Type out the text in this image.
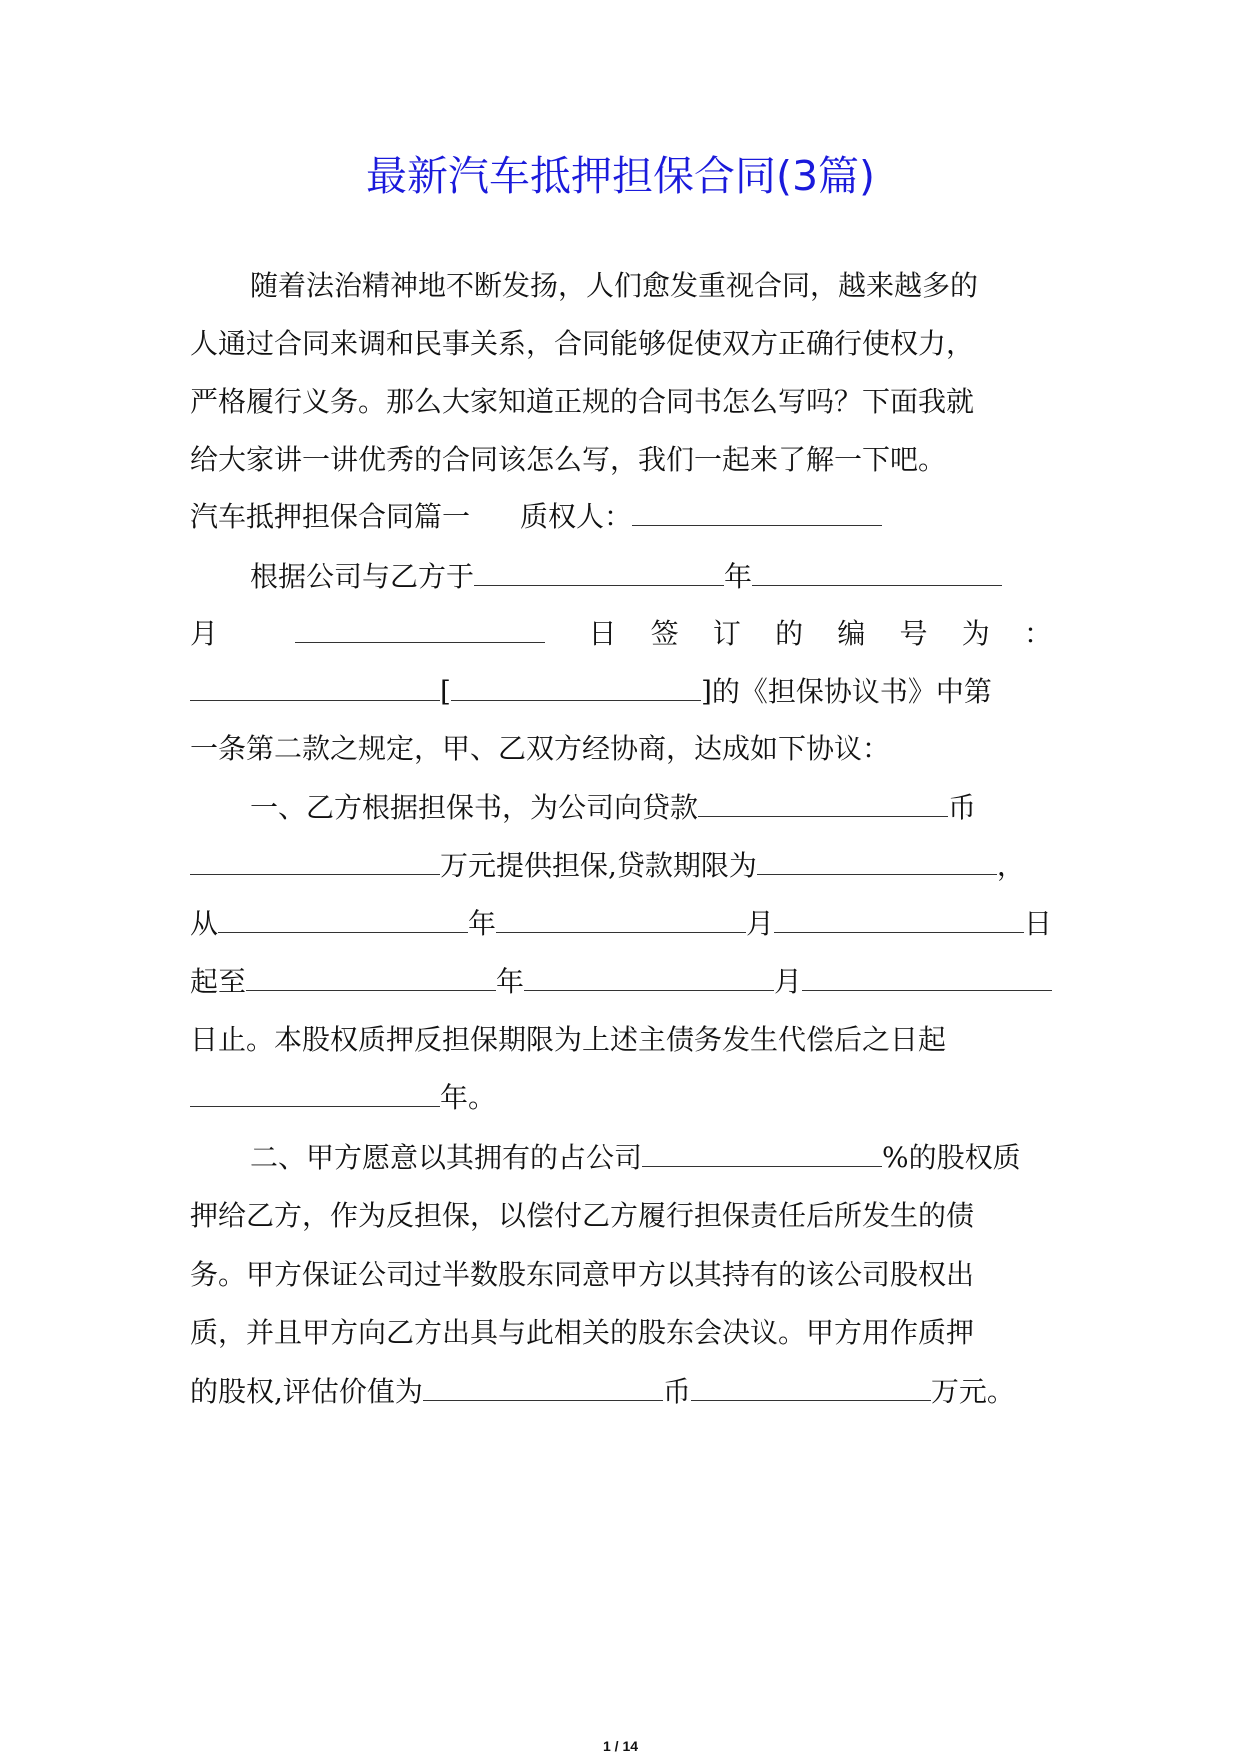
最新汽车抵押担保合同(3篇)
随着法治精神地不断发扬，人们愈发重视合同，越来越多的
人通过合同来调和民事关系，合同能够促使双方正确行使权力，
严格履行义务。那么大家知道正规的合同书怎么写吗？下面我就
给大家讲一讲优秀的合同该怎么写，我们一起来了解一下吧。
汽车抵押担保合同篇一 质权人：
根据公司与乙方于	年
月	日签订的编号为：
[	]的《担保协议书》中第
一条第二款之规定，甲、乙双方经协商，达成如下协议：
一、乙方根据担保书，为公司向贷款	币
万元提供担保,贷款期限为	，
从	年	月	日
起至	年	月
日止。本股权质押反担保期限为上述主债务发生代偿后之日起
年。
二、甲方愿意以其拥有的占公司	%的股权质
押给乙方，作为反担保，以偿付乙方履行担保责任后所发生的债
务。甲方保证公司过半数股东同意甲方以其持有的该公司股权出
质，并且甲方向乙方出具与此相关的股东会决议。甲方用作质押
的股权,评估价值为	币	万元。
1 / 14
